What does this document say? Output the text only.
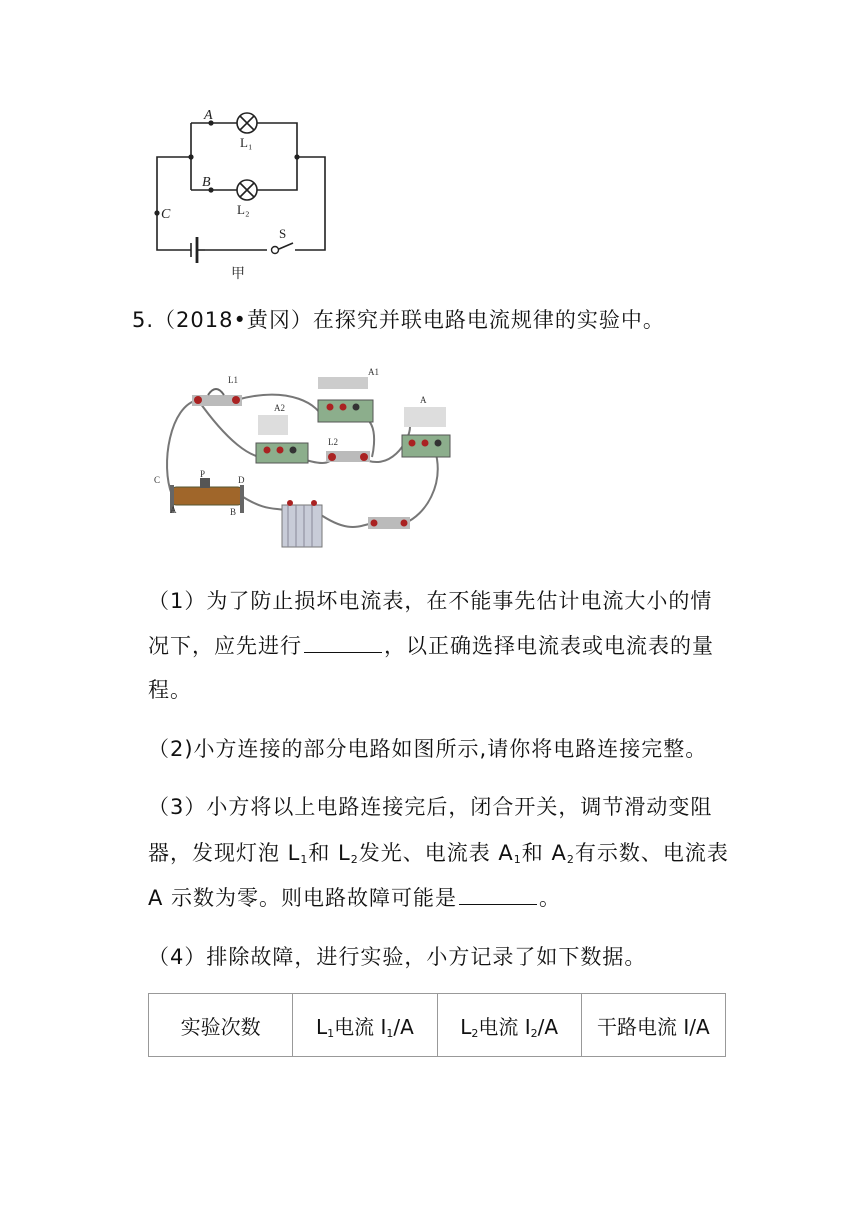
A
B
C
L₁
L₂
S
甲
5.（2018•黄冈）在探究并联电路电流规律的实验中。
L1
A1
A2
L2
A
C	D
A	B
P
（1）为了防止损坏电流表，在不能事先估计电流大小的情
况下，应先进行	，以正确选择电流表或电流表的量
程。
（2)小方连接的部分电路如图所示,请你将电路连接完整。
（3）小方将以上电路连接完后，闭合开关，调节滑动变阻
器，发现灯泡 $L_1$和 $L_2$发光、电流表 $A_1$和 $A_2$有示数、电流表
A 示数为零。则电路故障可能是	。
（4）排除故障，进行实验，小方记录了如下数据。
实验次数	$L_1$电流 $I_1/A$	$L_2$电流 $I_2/A$	干路电流 I/A
